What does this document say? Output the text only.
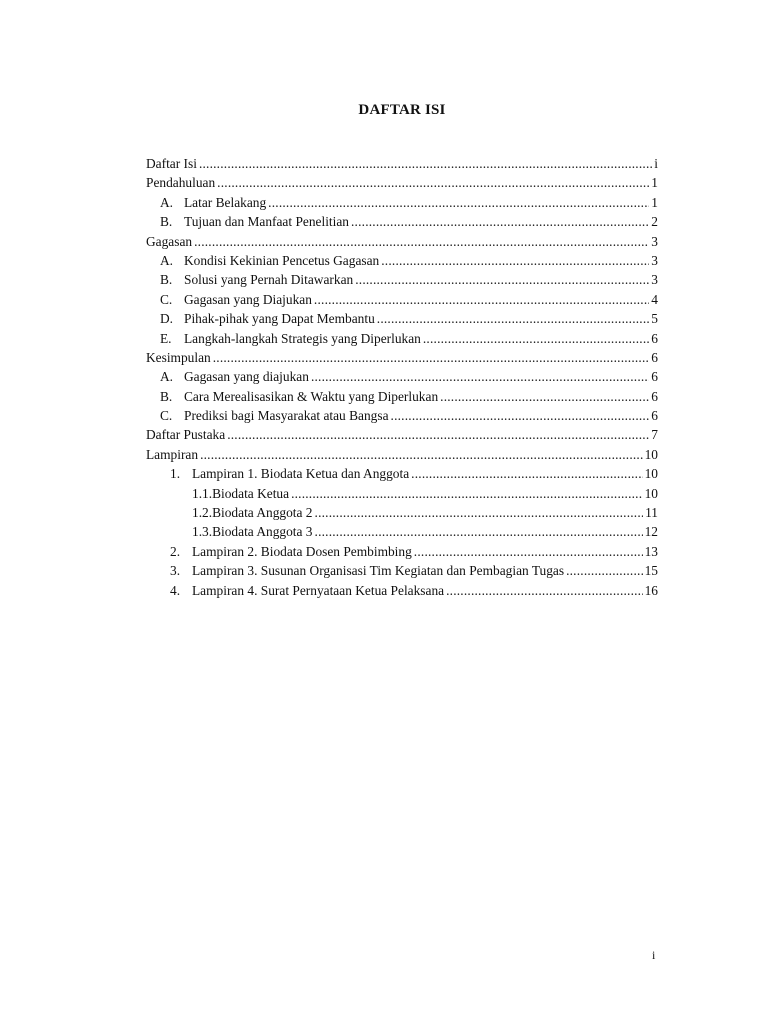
DAFTAR ISI
Daftar Isi .....	i
Pendahuluan .....	1
A. Latar Belakang .....	1
B. Tujuan dan Manfaat Penelitian .....	2
Gagasan .....	3
A. Kondisi Kekinian Pencetus Gagasan .....	3
B. Solusi yang Pernah Ditawarkan .....	3
C. Gagasan yang Diajukan .....	4
D. Pihak-pihak yang Dapat Membantu .....	5
E. Langkah-langkah Strategis yang Diperlukan .....	6
Kesimpulan .....	6
A. Gagasan yang diajukan .....	6
B. Cara Merealisasikan & Waktu yang Diperlukan .....	6
C. Prediksi bagi Masyarakat atau Bangsa .....	6
Daftar Pustaka .....	7
Lampiran .....	10
1. Lampiran 1. Biodata Ketua dan Anggota .....	10
1.1.Biodata Ketua .....	10
1.2.Biodata Anggota 2 .....	11
1.3.Biodata Anggota 3 .....	12
2. Lampiran 2. Biodata Dosen Pembimbing .....	13
3. Lampiran 3. Susunan Organisasi Tim Kegiatan dan Pembagian Tugas .....	15
4. Lampiran 4. Surat Pernyataan Ketua Pelaksana .....	16
i
